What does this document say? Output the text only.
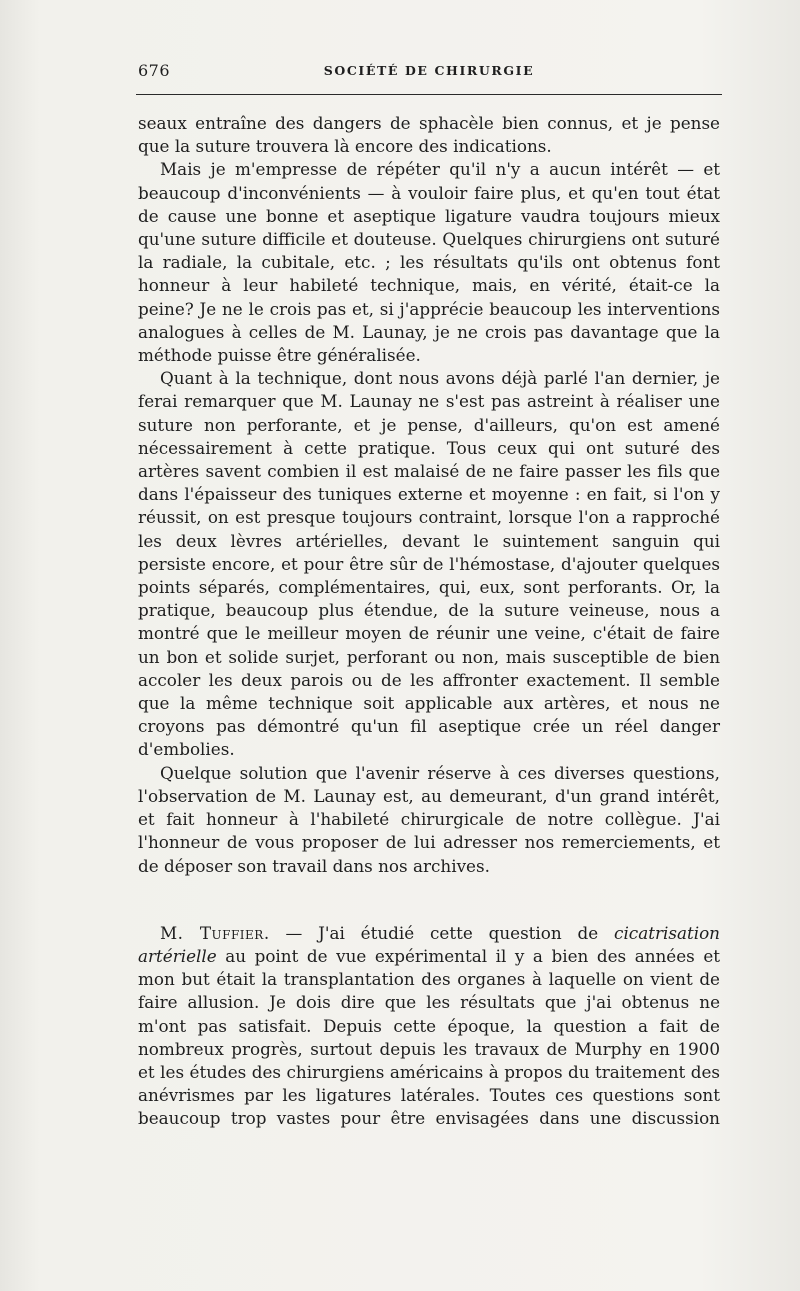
676	SOCIÉTÉ DE CHIRURGIE

seaux entraîne des dangers de sphacèle bien connus, et je pense que la suture trouvera là encore des indications.

Mais je m'empresse de répéter qu'il n'y a aucun intérêt — et beaucoup d'inconvénients — à vouloir faire plus, et qu'en tout état de cause une bonne et aseptique ligature vaudra toujours mieux qu'une suture difficile et douteuse. Quelques chirurgiens ont suturé la radiale, la cubitale, etc. ; les résultats qu'ils ont obtenus font honneur à leur habileté technique, mais, en vérité, était-ce la peine? Je ne le crois pas et, si j'apprécie beaucoup les interventions analogues à celles de M. Launay, je ne crois pas davantage que la méthode puisse être généralisée.

Quant à la technique, dont nous avons déjà parlé l'an dernier, je ferai remarquer que M. Launay ne s'est pas astreint à réaliser une suture non perforante, et je pense, d'ailleurs, qu'on est amené nécessairement à cette pratique. Tous ceux qui ont suturé des artères savent combien il est malaisé de ne faire passer les fils que dans l'épaisseur des tuniques externe et moyenne : en fait, si l'on y réussit, on est presque toujours contraint, lorsque l'on a rapproché les deux lèvres artérielles, devant le suintement sanguin qui persiste encore, et pour être sûr de l'hémostase, d'ajouter quelques points séparés, complémentaires, qui, eux, sont perforants. Or, la pratique, beaucoup plus étendue, de la suture veineuse, nous a montré que le meilleur moyen de réunir une veine, c'était de faire un bon et solide surjet, perforant ou non, mais susceptible de bien accoler les deux parois ou de les affronter exactement. Il semble que la même technique soit applicable aux artères, et nous ne croyons pas démontré qu'un fil aseptique crée un réel danger d'embolies.

Quelque solution que l'avenir réserve à ces diverses questions, l'observation de M. Launay est, au demeurant, d'un grand intérêt, et fait honneur à l'habileté chirurgicale de notre collègue. J'ai l'honneur de vous proposer de lui adresser nos remerciements, et de déposer son travail dans nos archives.

M. Tuffier. — J'ai étudié cette question de cicatrisation artérielle au point de vue expérimental il y a bien des années et mon but était la transplantation des organes à laquelle on vient de faire allusion. Je dois dire que les résultats que j'ai obtenus ne m'ont pas satisfait. Depuis cette époque, la question a fait de nombreux progrès, surtout depuis les travaux de Murphy en 1900 et les études des chirurgiens américains à propos du traitement des anévrismes par les ligatures latérales. Toutes ces questions sont beaucoup trop vastes pour être envisagées dans une discussion
